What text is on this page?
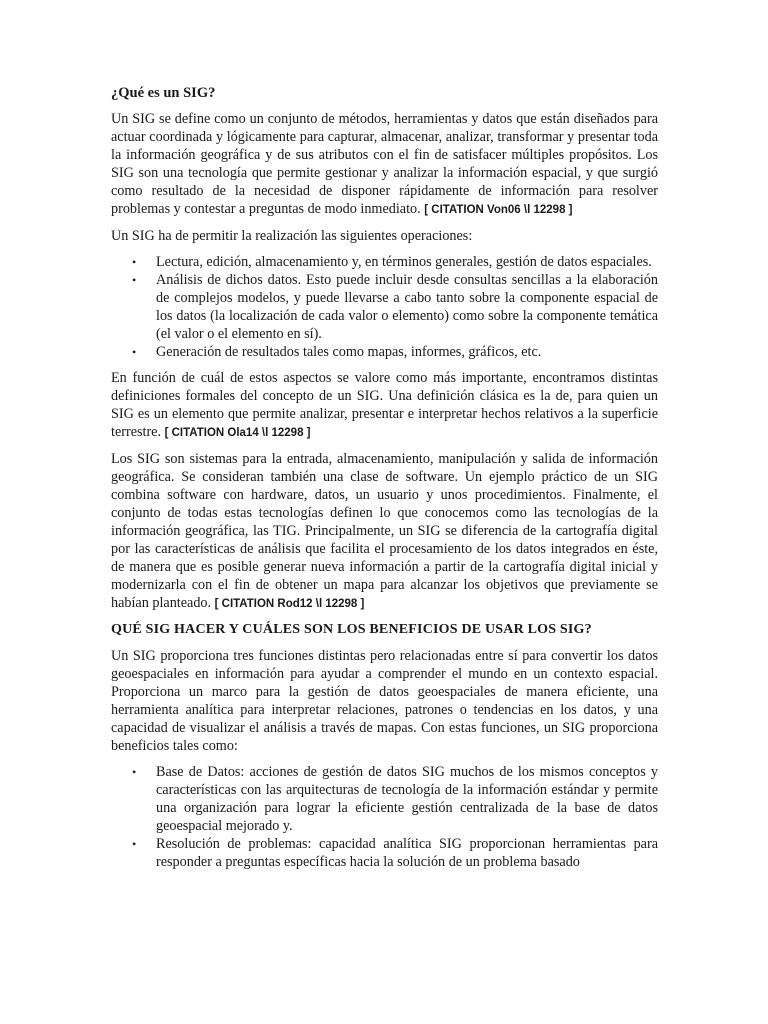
¿Qué es un SIG?

Un SIG se define como un conjunto de métodos, herramientas y datos que están diseñados para actuar coordinada y lógicamente para capturar, almacenar, analizar, transformar y presentar toda la información geográfica y de sus atributos con el fin de satisfacer múltiples propósitos. Los SIG son una tecnología que permite gestionar y analizar la información espacial, y que surgió como resultado de la necesidad de disponer rápidamente de información para resolver problemas y contestar a preguntas de modo inmediato. [ CITATION Von06 \l 12298 ]

Un SIG ha de permitir la realización las siguientes operaciones:

• Lectura, edición, almacenamiento y, en términos generales, gestión de datos espaciales.
• Análisis de dichos datos. Esto puede incluir desde consultas sencillas a la elaboración de complejos modelos, y puede llevarse a cabo tanto sobre la componente espacial de los datos (la localización de cada valor o elemento) como sobre la componente temática (el valor o el elemento en sí).
• Generación de resultados tales como mapas, informes, gráficos, etc.

En función de cuál de estos aspectos se valore como más importante, encontramos distintas definiciones formales del concepto de un SIG. Una definición clásica es la de, para quien un SIG es un elemento que permite analizar, presentar e interpretar hechos relativos a la superficie terrestre. [ CITATION Ola14 \l 12298 ]

Los SIG son sistemas para la entrada, almacenamiento, manipulación y salida de información geográfica. Se consideran también una clase de software. Un ejemplo práctico de un SIG combina software con hardware, datos, un usuario y unos procedimientos. Finalmente, el conjunto de todas estas tecnologías definen lo que conocemos como las tecnologías de la información geográfica, las TIG. Principalmente, un SIG se diferencia de la cartografía digital por las características de análisis que facilita el procesamiento de los datos integrados en éste, de manera que es posible generar nueva información a partir de la cartografía digital inicial y modernizarla con el fin de obtener un mapa para alcanzar los objetivos que previamente se habían planteado. [ CITATION Rod12 \l 12298 ]

QUÉ SIG HACER Y CUÁLES SON LOS BENEFICIOS DE USAR LOS SIG?

Un SIG proporciona tres funciones distintas pero relacionadas entre sí para convertir los datos geoespaciales en información para ayudar a comprender el mundo en un contexto espacial. Proporciona un marco para la gestión de datos geoespaciales de manera eficiente, una herramienta analítica para interpretar relaciones, patrones o tendencias en los datos, y una capacidad de visualizar el análisis a través de mapas. Con estas funciones, un SIG proporciona beneficios tales como:

• Base de Datos: acciones de gestión de datos SIG muchos de los mismos conceptos y características con las arquitecturas de tecnología de la información estándar y permite una organización para lograr la eficiente gestión centralizada de la base de datos geoespacial mejorado y.
• Resolución de problemas: capacidad analítica SIG proporcionan herramientas para responder a preguntas específicas hacia la solución de un problema basado
